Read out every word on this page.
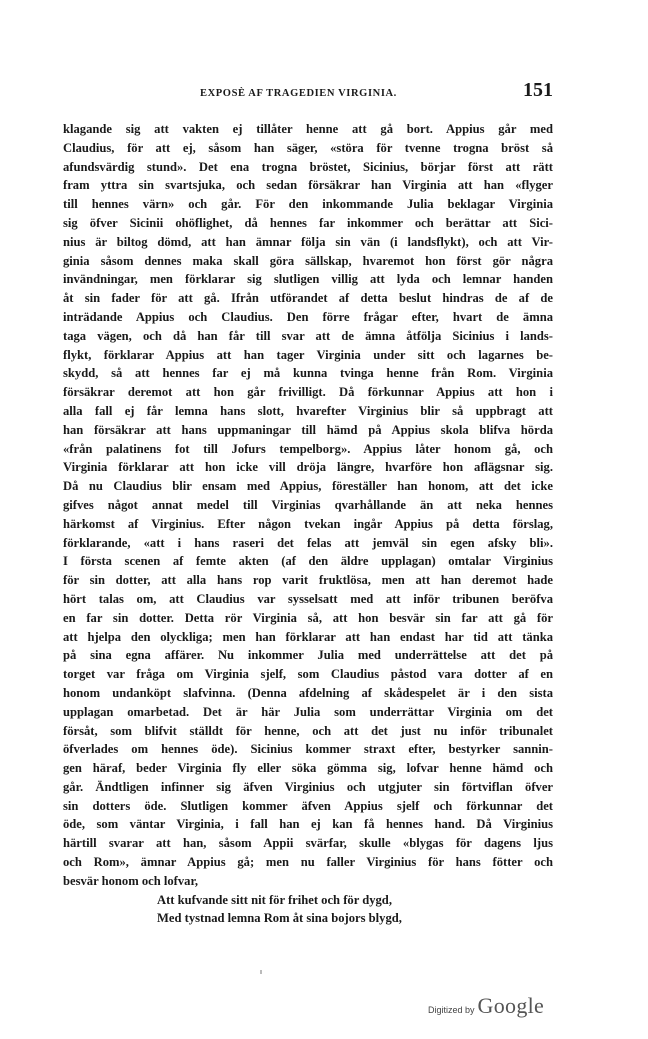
EXPOSÈ AF TRAGEDIEN VIRGINIA.	151
klagande sig att vakten ej tillåter henne att gå bort. Appius går med
Claudius, för att ej, såsom han säger, «störa för tvenne trogna bröst så
afundsvärdig stund». Det ena trogna bröstet, Sicinius, börjar först att rätt
fram yttra sin svartsjuka, och sedan försäkrar han Virginia att han «flyger
till hennes värn» och går. För den inkommande Julia beklagar Virginia
sig öfver Sicinii ohöflighet, då hennes far inkommer och berättar att Sici-
nius är biltog dömd, att han ämnar följa sin vän (i landsflykt), och att Vir-
ginia såsom dennes maka skall göra sällskap, hvaremot hon först gör några
invändningar, men förklarar sig slutligen villig att lyda och lemnar handen
åt sin fader för att gå. Ifrån utförandet af detta beslut hindras de af de
inträdande Appius och Claudius. Den förre frågar efter, hvart de ämna
taga vägen, och då han får till svar att de ämna åtfölja Sicinius i lands-
flykt, förklarar Appius att han tager Virginia under sitt och lagarnes be-
skydd, så att hennes far ej må kunna tvinga henne från Rom. Virginia
försäkrar deremot att hon går frivilligt. Då förkunnar Appius att hon i
alla fall ej får lemna hans slott, hvarefter Virginius blir så uppbragt att
han försäkrar att hans uppmaningar till hämd på Appius skola blifva hörda
«från palatinens fot till Jofurs tempelborg». Appius låter honom gå, och
Virginia förklarar att hon icke vill dröja längre, hvarföre hon aflägsnar sig.
Då nu Claudius blir ensam med Appius, föreställer han honom, att det icke
gifves något annat medel till Virginias qvarhållande än att neka hennes
härkomst af Virginius. Efter någon tvekan ingår Appius på detta förslag,
förklarande, «att i hans raseri det felas att jemväl sin egen afsky bli».
I första scenen af femte akten (af den äldre upplagan) omtalar Virginius
för sin dotter, att alla hans rop varit fruktlösa, men att han deremot hade
hört talas om, att Claudius var sysselsatt med att inför tribunen beröfva
en far sin dotter. Detta rör Virginia så, att hon besvär sin far att gå för
att hjelpa den olyckliga; men han förklarar att han endast har tid att tänka
på sina egna affärer. Nu inkommer Julia med underrättelse att det på
torget var fråga om Virginia sjelf, som Claudius påstod vara dotter af en
honom undanköpt slafvinna. (Denna afdelning af skådespelet är i den sista
upplagan omarbetad. Det är här Julia som underrättar Virginia om det
försåt, som blifvit ställdt för henne, och att det just nu inför tribunalet
öfverlades om hennes öde). Sicinius kommer straxt efter, bestyrker sannin-
gen häraf, beder Virginia fly eller söka gömma sig, lofvar henne hämd och
går. Ändtligen infinner sig äfven Virginius och utgjuter sin förtviflan öfver
sin dotters öde. Slutligen kommer äfven Appius sjelf och förkunnar det
öde, som väntar Virginia, i fall han ej kan få hennes hand. Då Virginius
härtill svarar att han, såsom Appii svärfar, skulle «blygas för dagens ljus
och Rom», ämnar Appius gå; men nu faller Virginius för hans fötter och
besvär honom och lofvar,
Att kufvande sitt nit för frihet och för dygd,
Med tystnad lemna Rom åt sina bojors blygd,
Digitized by Google
